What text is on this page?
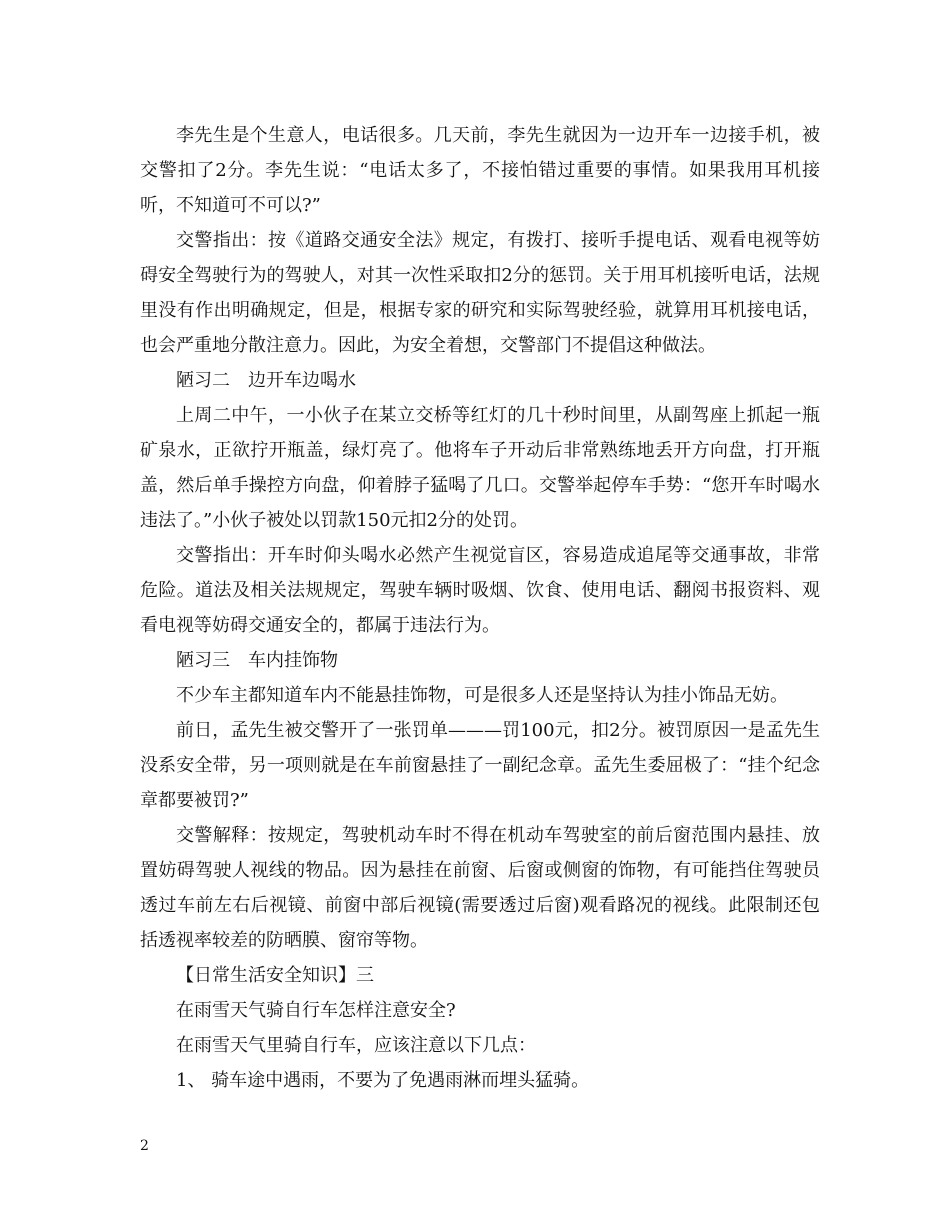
李先生是个生意人，电话很多。几天前，李先生就因为一边开车一边接手机，被交警扣了2分。李先生说：“电话太多了，不接怕错过重要的事情。如果我用耳机接听，不知道可不可以?”

交警指出：按《道路交通安全法》规定，有拨打、接听手提电话、观看电视等妨碍安全驾驶行为的驾驶人，对其一次性采取扣2分的惩罚。关于用耳机接听电话，法规里没有作出明确规定，但是，根据专家的研究和实际驾驶经验，就算用耳机接电话，也会严重地分散注意力。因此，为安全着想，交警部门不提倡这种做法。

陋习二　边开车边喝水

上周二中午，一小伙子在某立交桥等红灯的几十秒时间里，从副驾座上抓起一瓶矿泉水，正欲拧开瓶盖，绿灯亮了。他将车子开动后非常熟练地丢开方向盘，打开瓶盖，然后单手操控方向盘，仰着脖子猛喝了几口。交警举起停车手势：“您开车时喝水违法了。”小伙子被处以罚款150元扣2分的处罚。

交警指出：开车时仰头喝水必然产生视觉盲区，容易造成追尾等交通事故，非常危险。道法及相关法规规定，驾驶车辆时吸烟、饮食、使用电话、翻阅书报资料、观看电视等妨碍交通安全的，都属于违法行为。

陋习三　车内挂饰物

不少车主都知道车内不能悬挂饰物，可是很多人还是坚持认为挂小饰品无妨。

前日，孟先生被交警开了一张罚单———罚100元，扣2分。被罚原因一是孟先生没系安全带，另一项则就是在车前窗悬挂了一副纪念章。孟先生委屈极了：“挂个纪念章都要被罚?”

交警解释：按规定，驾驶机动车时不得在机动车驾驶室的前后窗范围内悬挂、放置妨碍驾驶人视线的物品。因为悬挂在前窗、后窗或侧窗的饰物，有可能挡住驾驶员透过车前左右后视镜、前窗中部后视镜(需要透过后窗)观看路况的视线。此限制还包括透视率较差的防晒膜、窗帘等物。

【日常生活安全知识】三

在雨雪天气骑自行车怎样注意安全?

在雨雪天气里骑自行车，应该注意以下几点：

1、 骑车途中遇雨，不要为了免遇雨淋而埋头猛骑。

2
